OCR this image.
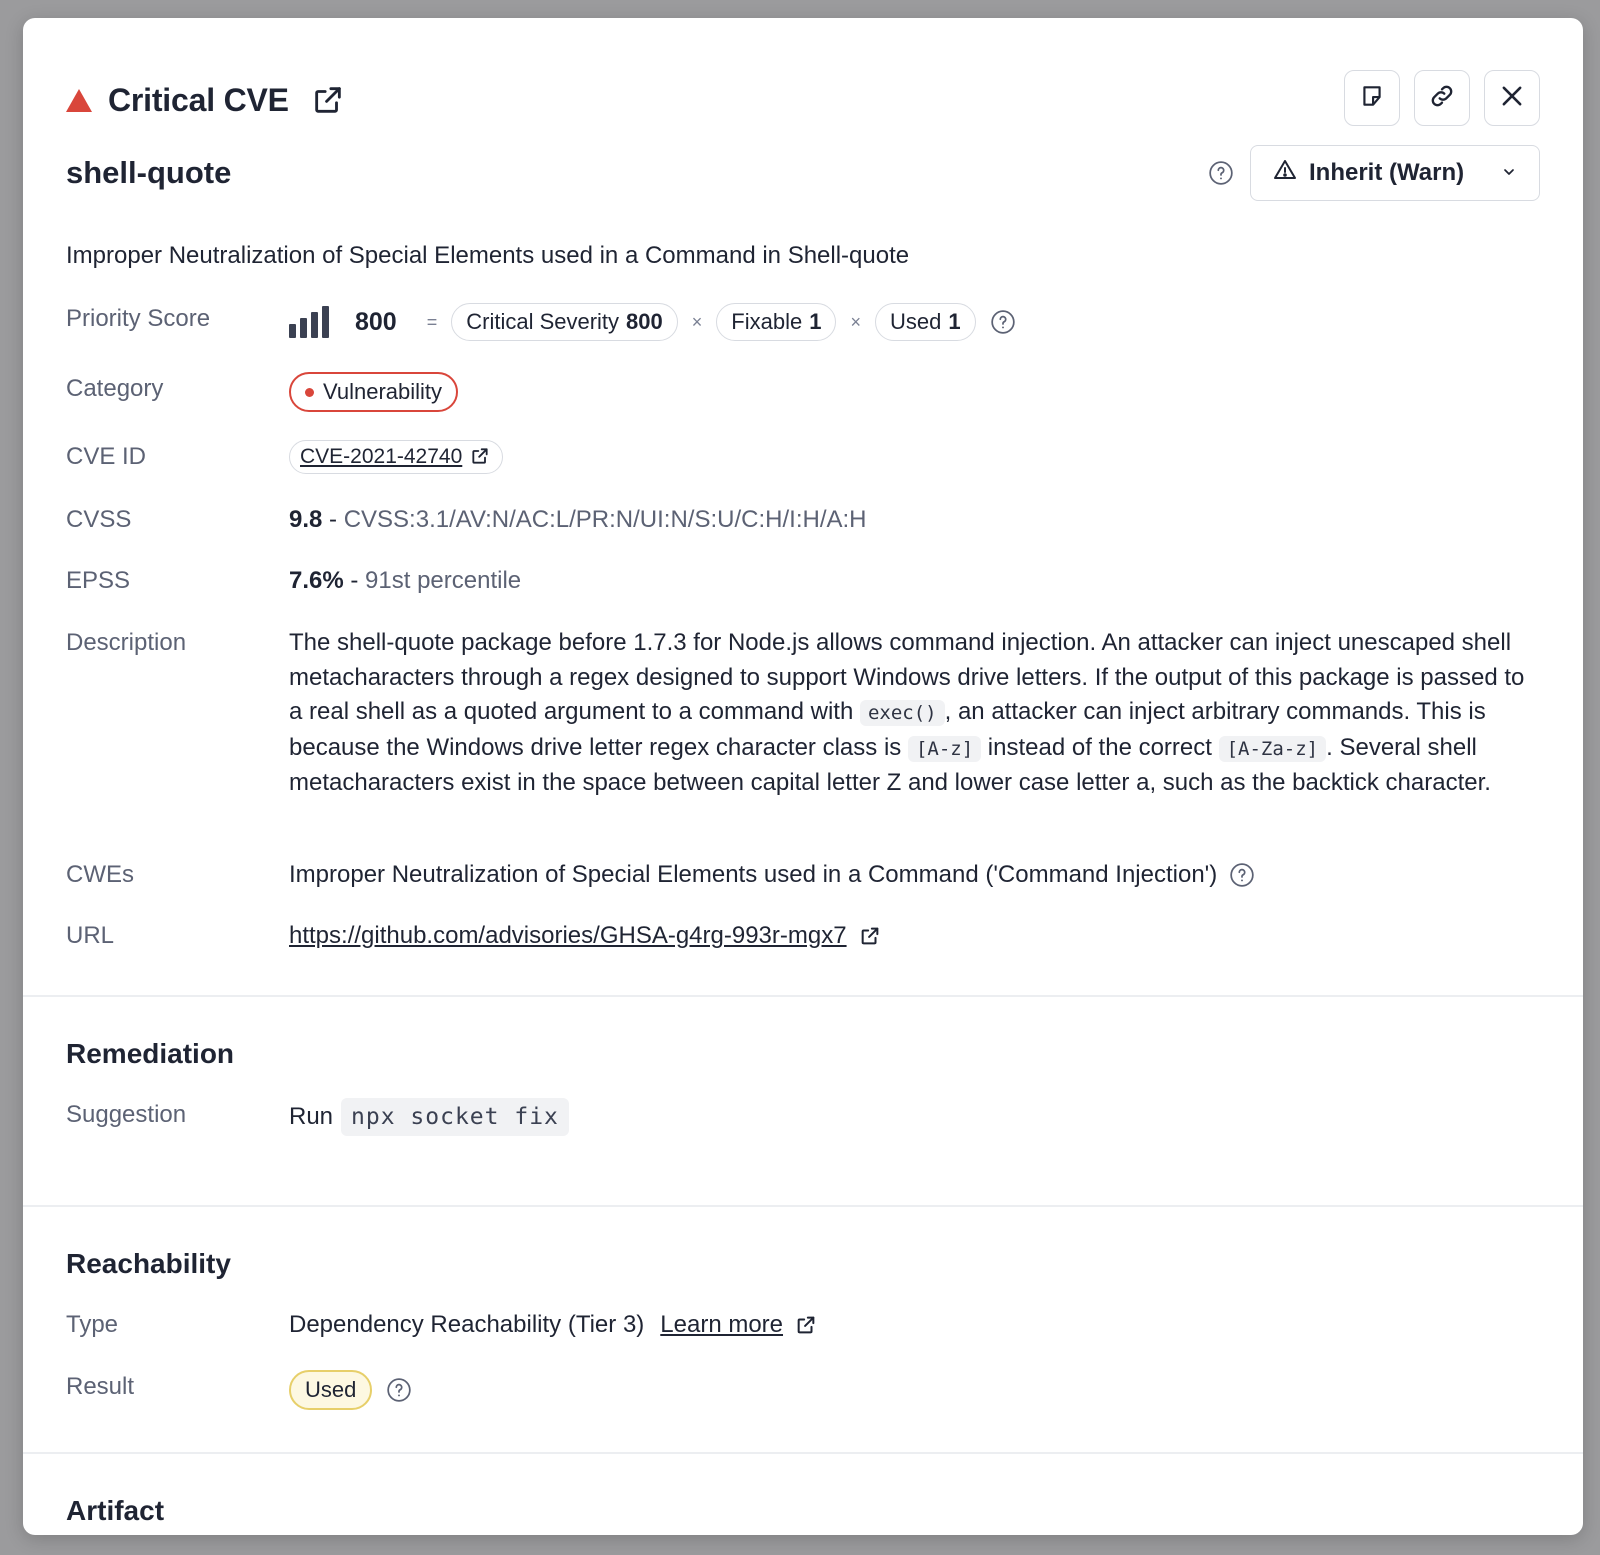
Critical CVE
shell-quote	Inherit (Warn)
Improper Neutralization of Special Elements used in a Command in Shell-quote
Priority Score	800 = Critical Severity 800 × Fixable 1 × Used 1
Category	Vulnerability
CVE ID	CVE-2021-42740
CVSS	9.8 - CVSS:3.1/AV:N/AC:L/PR:N/UI:N/S:U/C:H/I:H/A:H
EPSS	7.6% - 91st percentile
Description	The shell-quote package before 1.7.3 for Node.js allows command injection. An attacker can inject unescaped shell metacharacters through a regex designed to support Windows drive letters. If the output of this package is passed to a real shell as a quoted argument to a command with exec() , an attacker can inject arbitrary commands. This is because the Windows drive letter regex character class is [A-z] instead of the correct [A-Za-z] . Several shell metacharacters exist in the space between capital letter Z and lower case letter a, such as the backtick character.
CWEs	Improper Neutralization of Special Elements used in a Command ('Command Injection')
URL	https://github.com/advisories/GHSA-g4rg-993r-mgx7
Remediation
Suggestion	Run npx socket fix
Reachability
Type	Dependency Reachability (Tier 3) Learn more
Result	Used
Artifact
